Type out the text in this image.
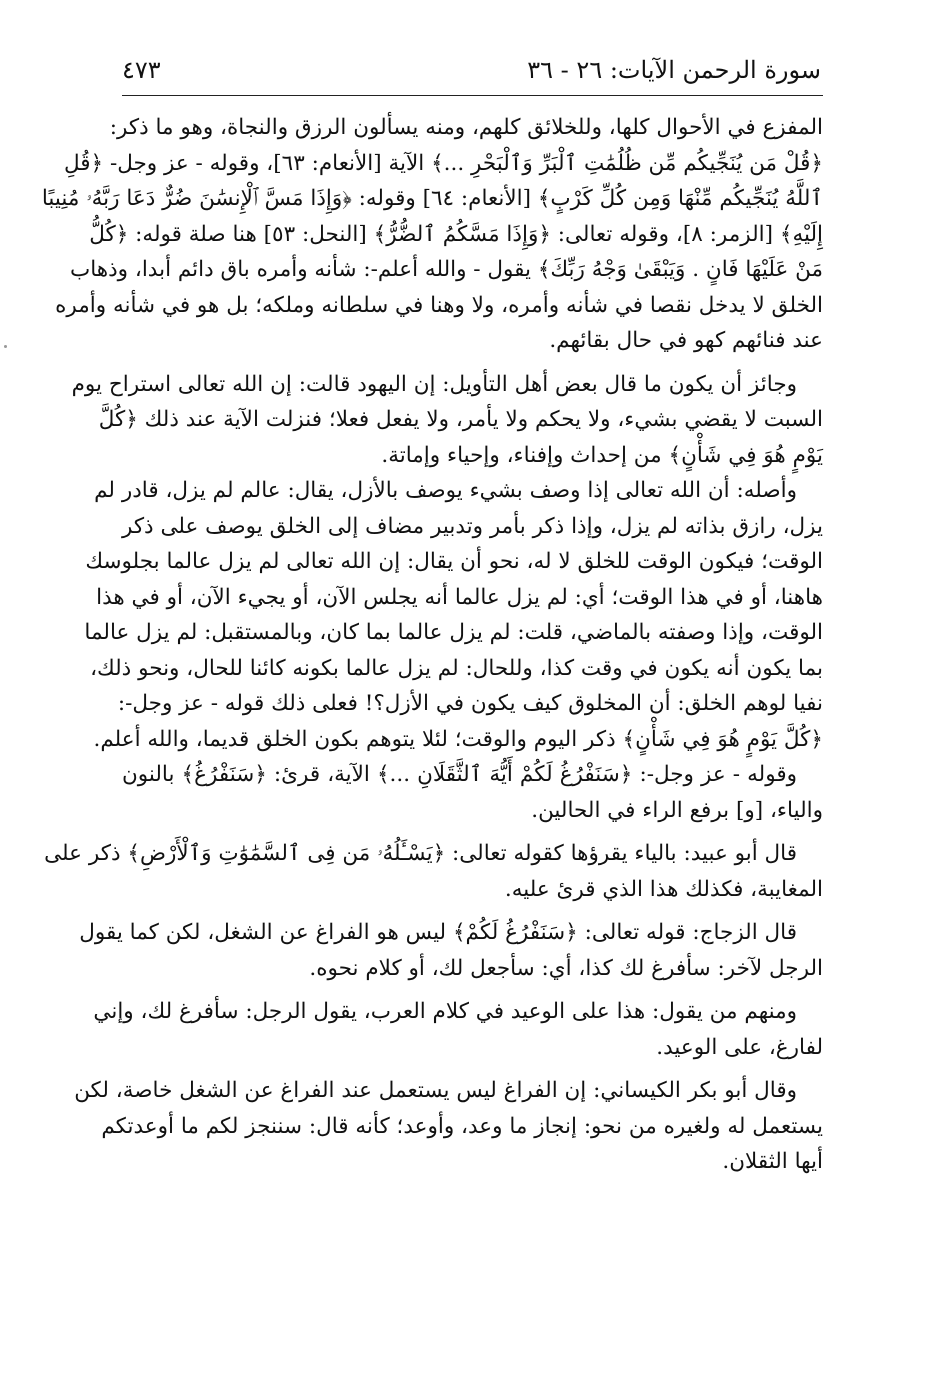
سورة الرحمن الآيات: ٢٦ - ٣٦
٤٧٣
المفزع في الأحوال كلها، وللخلائق كلهم، ومنه يسألون الرزق والنجاة، وهو ما ذكر:
﴿قُلْ مَن يُنَجِّيكُم مِّن ظُلُمَٰتِ ٱلْبَرِّ وَٱلْبَحْرِ ...﴾ الآية [الأنعام: ٦٣]، وقوله - عز وجل- ﴿قُلِ
ٱللَّهُ يُنَجِّيكُم مِّنْهَا وَمِن كُلِّ كَرْبٍ﴾ [الأنعام: ٦٤] وقوله: ﴿وَإِذَا مَسَّ ٱلْإِنسَٰنَ ضُرٌّ دَعَا رَبَّهُۥ مُنِيبًا
إِلَيْهِ﴾ [الزمر: ٨]، وقوله تعالى: ﴿وَإِذَا مَسَّكُمُ ٱلضُّرُّ﴾ [النحل: ٥٣] هنا صلة قوله: ﴿كُلُّ
مَنْ عَلَيْهَا فَانٍ . وَيَبْقَىٰ وَجْهُ رَبِّكَ﴾ يقول - والله أعلم-: شأنه وأمره باق دائم أبدا، وذهاب
الخلق لا يدخل نقصا في شأنه وأمره، ولا وهنا في سلطانه وملكه؛ بل هو في شأنه وأمره
عند فنائهم كهو في حال بقائهم.
وجائز أن يكون ما قال بعض أهل التأويل: إن اليهود قالت: إن الله تعالى استراح يوم
السبت لا يقضي بشيء، ولا يحكم ولا يأمر، ولا يفعل فعلا؛ فنزلت الآية عند ذلك ﴿كُلَّ
يَوْمٍ هُوَ فِي شَأْنٍ﴾ من إحداث وإفناء، وإحياء وإماتة.
وأصله: أن الله تعالى إذا وصف بشيء يوصف بالأزل، يقال: عالم لم يزل، قادر لم
يزل، رازق بذاته لم يزل، وإذا ذكر بأمر وتدبير مضاف إلى الخلق يوصف على ذكر
الوقت؛ فيكون الوقت للخلق لا له، نحو أن يقال: إن الله تعالى لم يزل عالما بجلوسك
هاهنا، أو في هذا الوقت؛ أي: لم يزل عالما أنه يجلس الآن، أو يجيء الآن، أو في هذا
الوقت، وإذا وصفته بالماضي، قلت: لم يزل عالما بما كان، وبالمستقبل: لم يزل عالما
بما يكون أنه يكون في وقت كذا، وللحال: لم يزل عالما بكونه كائنا للحال، ونحو ذلك،
نفيا لوهم الخلق: أن المخلوق كيف يكون في الأزل؟! فعلى ذلك قوله - عز وجل-:
﴿كُلَّ يَوْمٍ هُوَ فِي شَأْنٍ﴾ ذكر اليوم والوقت؛ لئلا يتوهم بكون الخلق قديما، والله أعلم.
وقوله - عز وجل-: ﴿سَنَفْرُغُ لَكُمْ أَيُّهَ ٱلثَّقَلَانِ ...﴾ الآية، قرئ: ﴿سَنَفْرُغُ﴾ بالنون
والياء، [و] برفع الراء في الحالين.
قال أبو عبيد: بالياء يقرؤها كقوله تعالى: ﴿يَسْـَٔلُهُۥ مَن فِى ٱلسَّمَٰوَٰتِ وَٱلْأَرْضِ﴾ ذكر على
المغايبة، فكذلك هذا الذي قرئ عليه.
قال الزجاج: قوله تعالى: ﴿سَنَفْرُغُ لَكُمْ﴾ ليس هو الفراغ عن الشغل، لكن كما يقول
الرجل لآخر: سأفرغ لك كذا، أي: سأجعل لك، أو كلام نحوه.
ومنهم من يقول: هذا على الوعيد في كلام العرب، يقول الرجل: سأفرغ لك، وإني
لفارغ، على الوعيد.
وقال أبو بكر الكيساني: إن الفراغ ليس يستعمل عند الفراغ عن الشغل خاصة، لكن
يستعمل له ولغيره من نحو: إنجاز ما وعد، وأوعد؛ كأنه قال: سننجز لكم ما أوعدتكم
أيها الثقلان.
